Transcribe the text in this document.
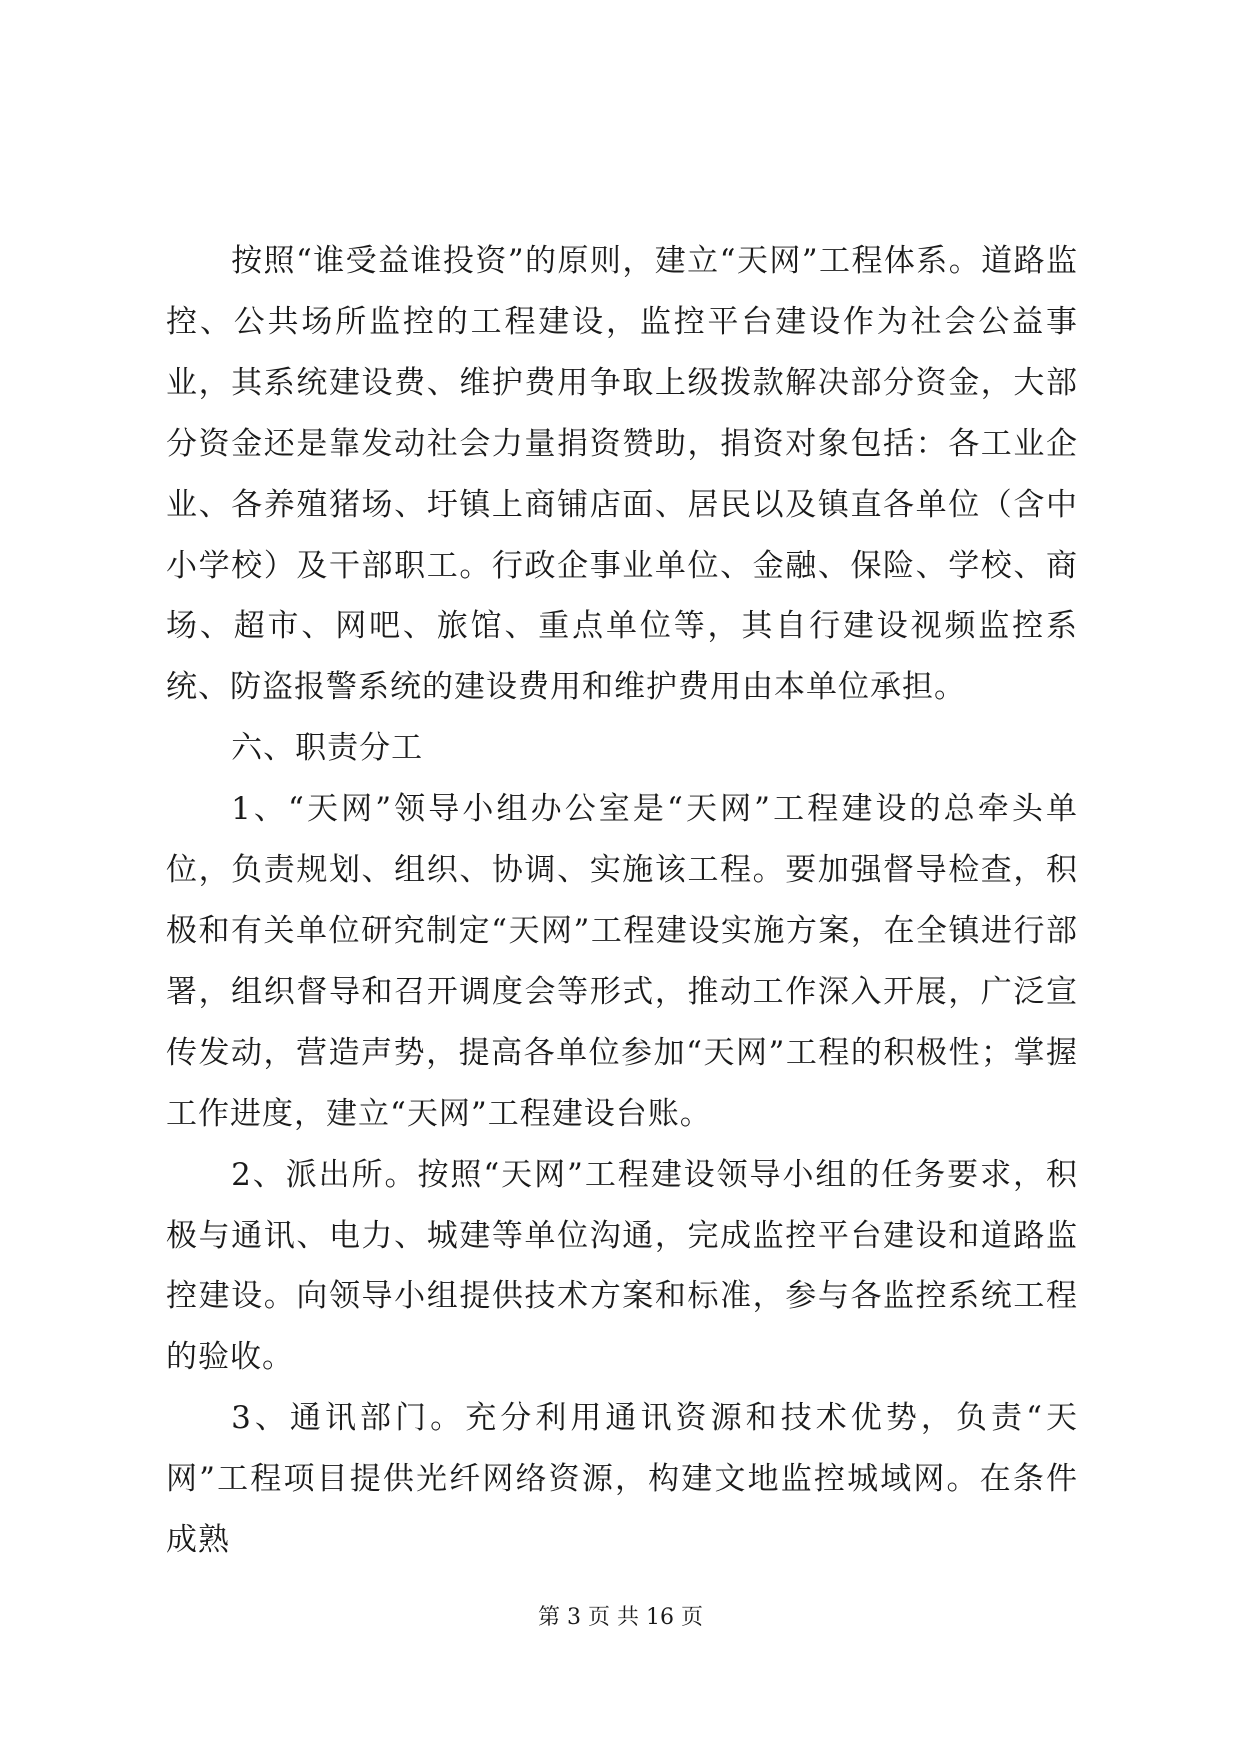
按照“谁受益谁投资”的原则，建立“天网”工程体系。道路监控、公共场所监控的工程建设，监控平台建设作为社会公益事业，其系统建设费、维护费用争取上级拨款解决部分资金，大部分资金还是靠发动社会力量捐资赞助，捐资对象包括：各工业企业、各养殖猪场、圩镇上商铺店面、居民以及镇直各单位（含中小学校）及干部职工。行政企事业单位、金融、保险、学校、商场、超市、网吧、旅馆、重点单位等，其自行建设视频监控系统、防盗报警系统的建设费用和维护费用由本单位承担。

六、职责分工

1、“天网”领导小组办公室是“天网”工程建设的总牵头单位，负责规划、组织、协调、实施该工程。要加强督导检查，积极和有关单位研究制定“天网”工程建设实施方案，在全镇进行部署，组织督导和召开调度会等形式，推动工作深入开展，广泛宣传发动，营造声势，提高各单位参加“天网”工程的积极性；掌握工作进度，建立“天网”工程建设台账。

2、派出所。按照“天网”工程建设领导小组的任务要求，积极与通讯、电力、城建等单位沟通，完成监控平台建设和道路监控建设。向领导小组提供技术方案和标准，参与各监控系统工程的验收。

3、通讯部门。充分利用通讯资源和技术优势，负责“天网”工程项目提供光纤网络资源，构建文地监控城域网。在条件成熟

第 3 页 共 16 页
